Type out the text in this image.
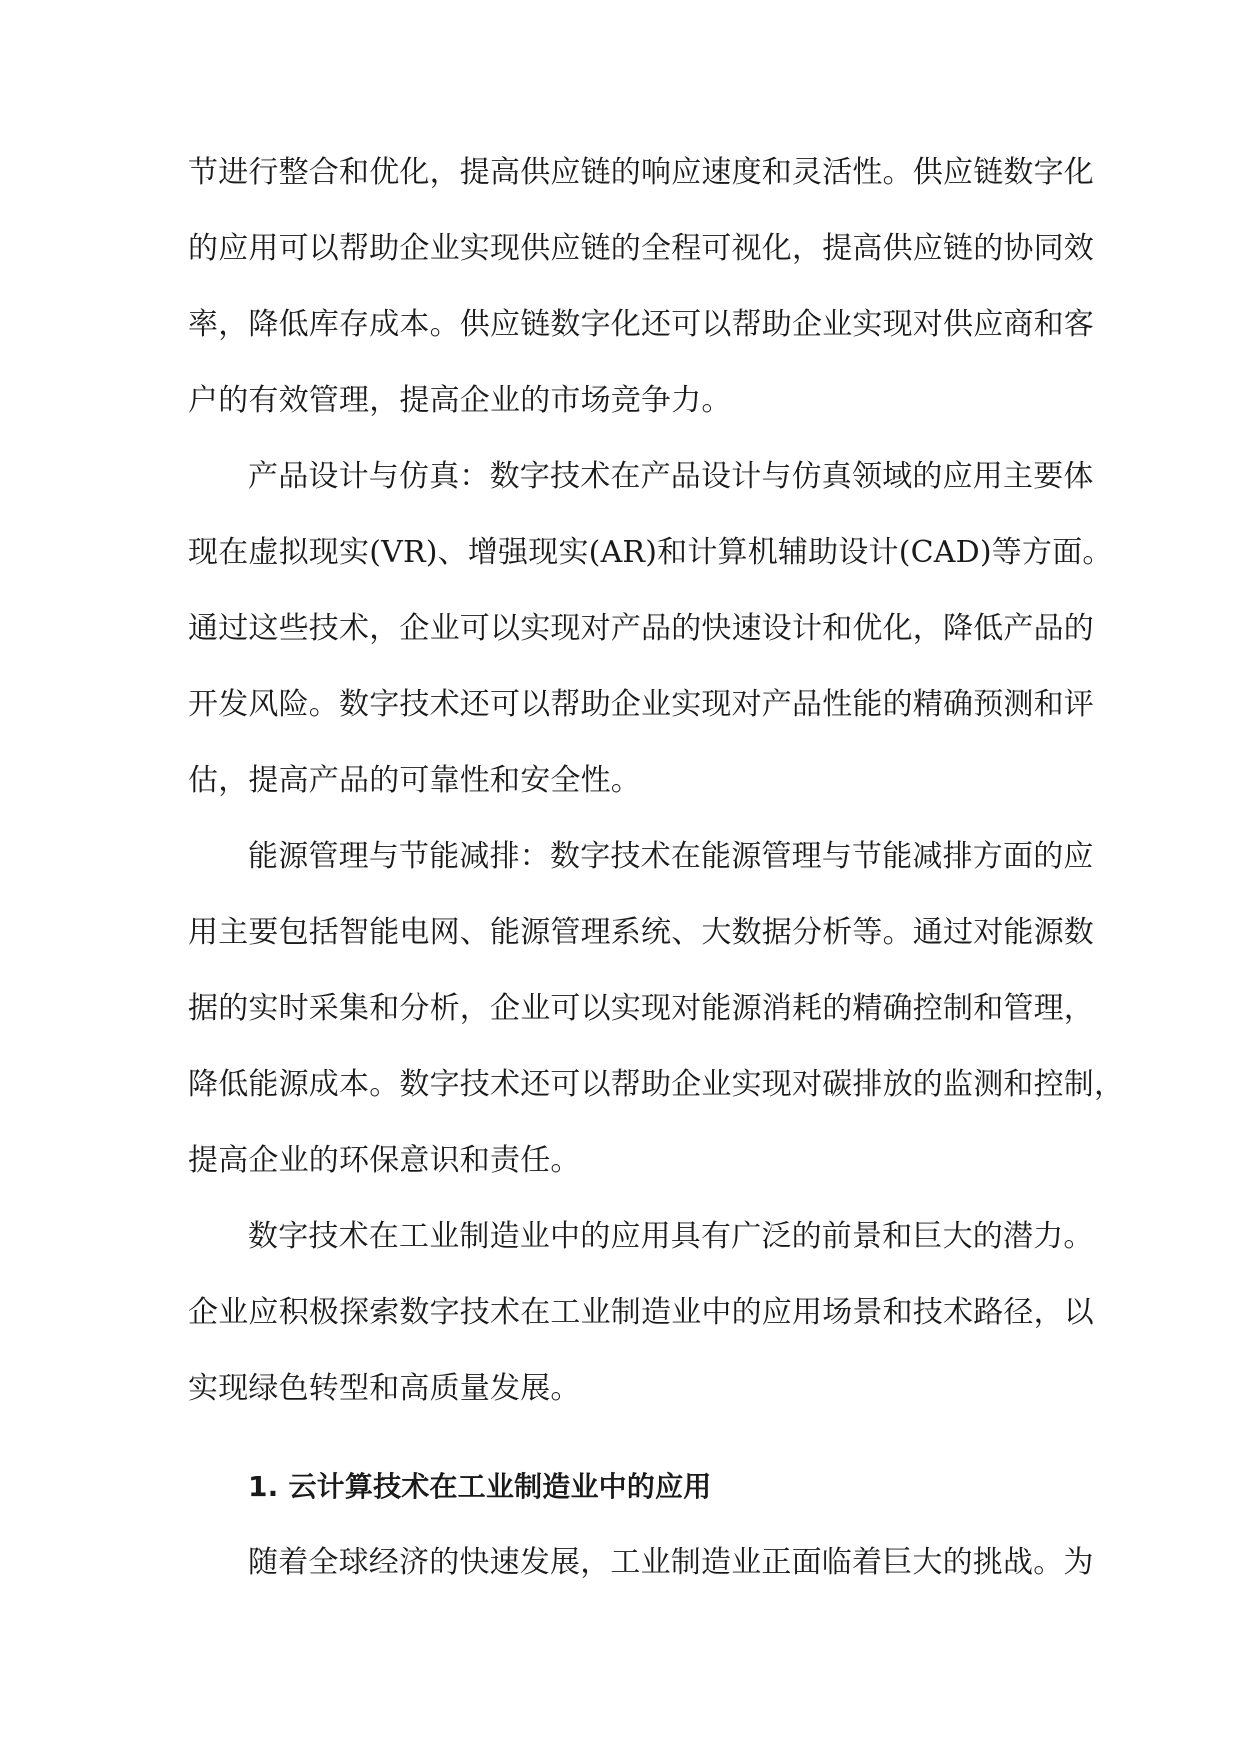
节进行整合和优化，提高供应链的响应速度和灵活性。供应链数字化
的应用可以帮助企业实现供应链的全程可视化，提高供应链的协同效
率，降低库存成本。供应链数字化还可以帮助企业实现对供应商和客
户的有效管理，提高企业的市场竞争力。
产品设计与仿真：数字技术在产品设计与仿真领域的应用主要体
现在虚拟现实(VR)、增强现实(AR)和计算机辅助设计(CAD)等方面。
通过这些技术，企业可以实现对产品的快速设计和优化，降低产品的
开发风险。数字技术还可以帮助企业实现对产品性能的精确预测和评
估，提高产品的可靠性和安全性。
能源管理与节能减排：数字技术在能源管理与节能减排方面的应
用主要包括智能电网、能源管理系统、大数据分析等。通过对能源数
据的实时采集和分析，企业可以实现对能源消耗的精确控制和管理，
降低能源成本。数字技术还可以帮助企业实现对碳排放的监测和控制，
提高企业的环保意识和责任。
数字技术在工业制造业中的应用具有广泛的前景和巨大的潜力。
企业应积极探索数字技术在工业制造业中的应用场景和技术路径，以
实现绿色转型和高质量发展。
1. 云计算技术在工业制造业中的应用
随着全球经济的快速发展，工业制造业正面临着巨大的挑战。为
